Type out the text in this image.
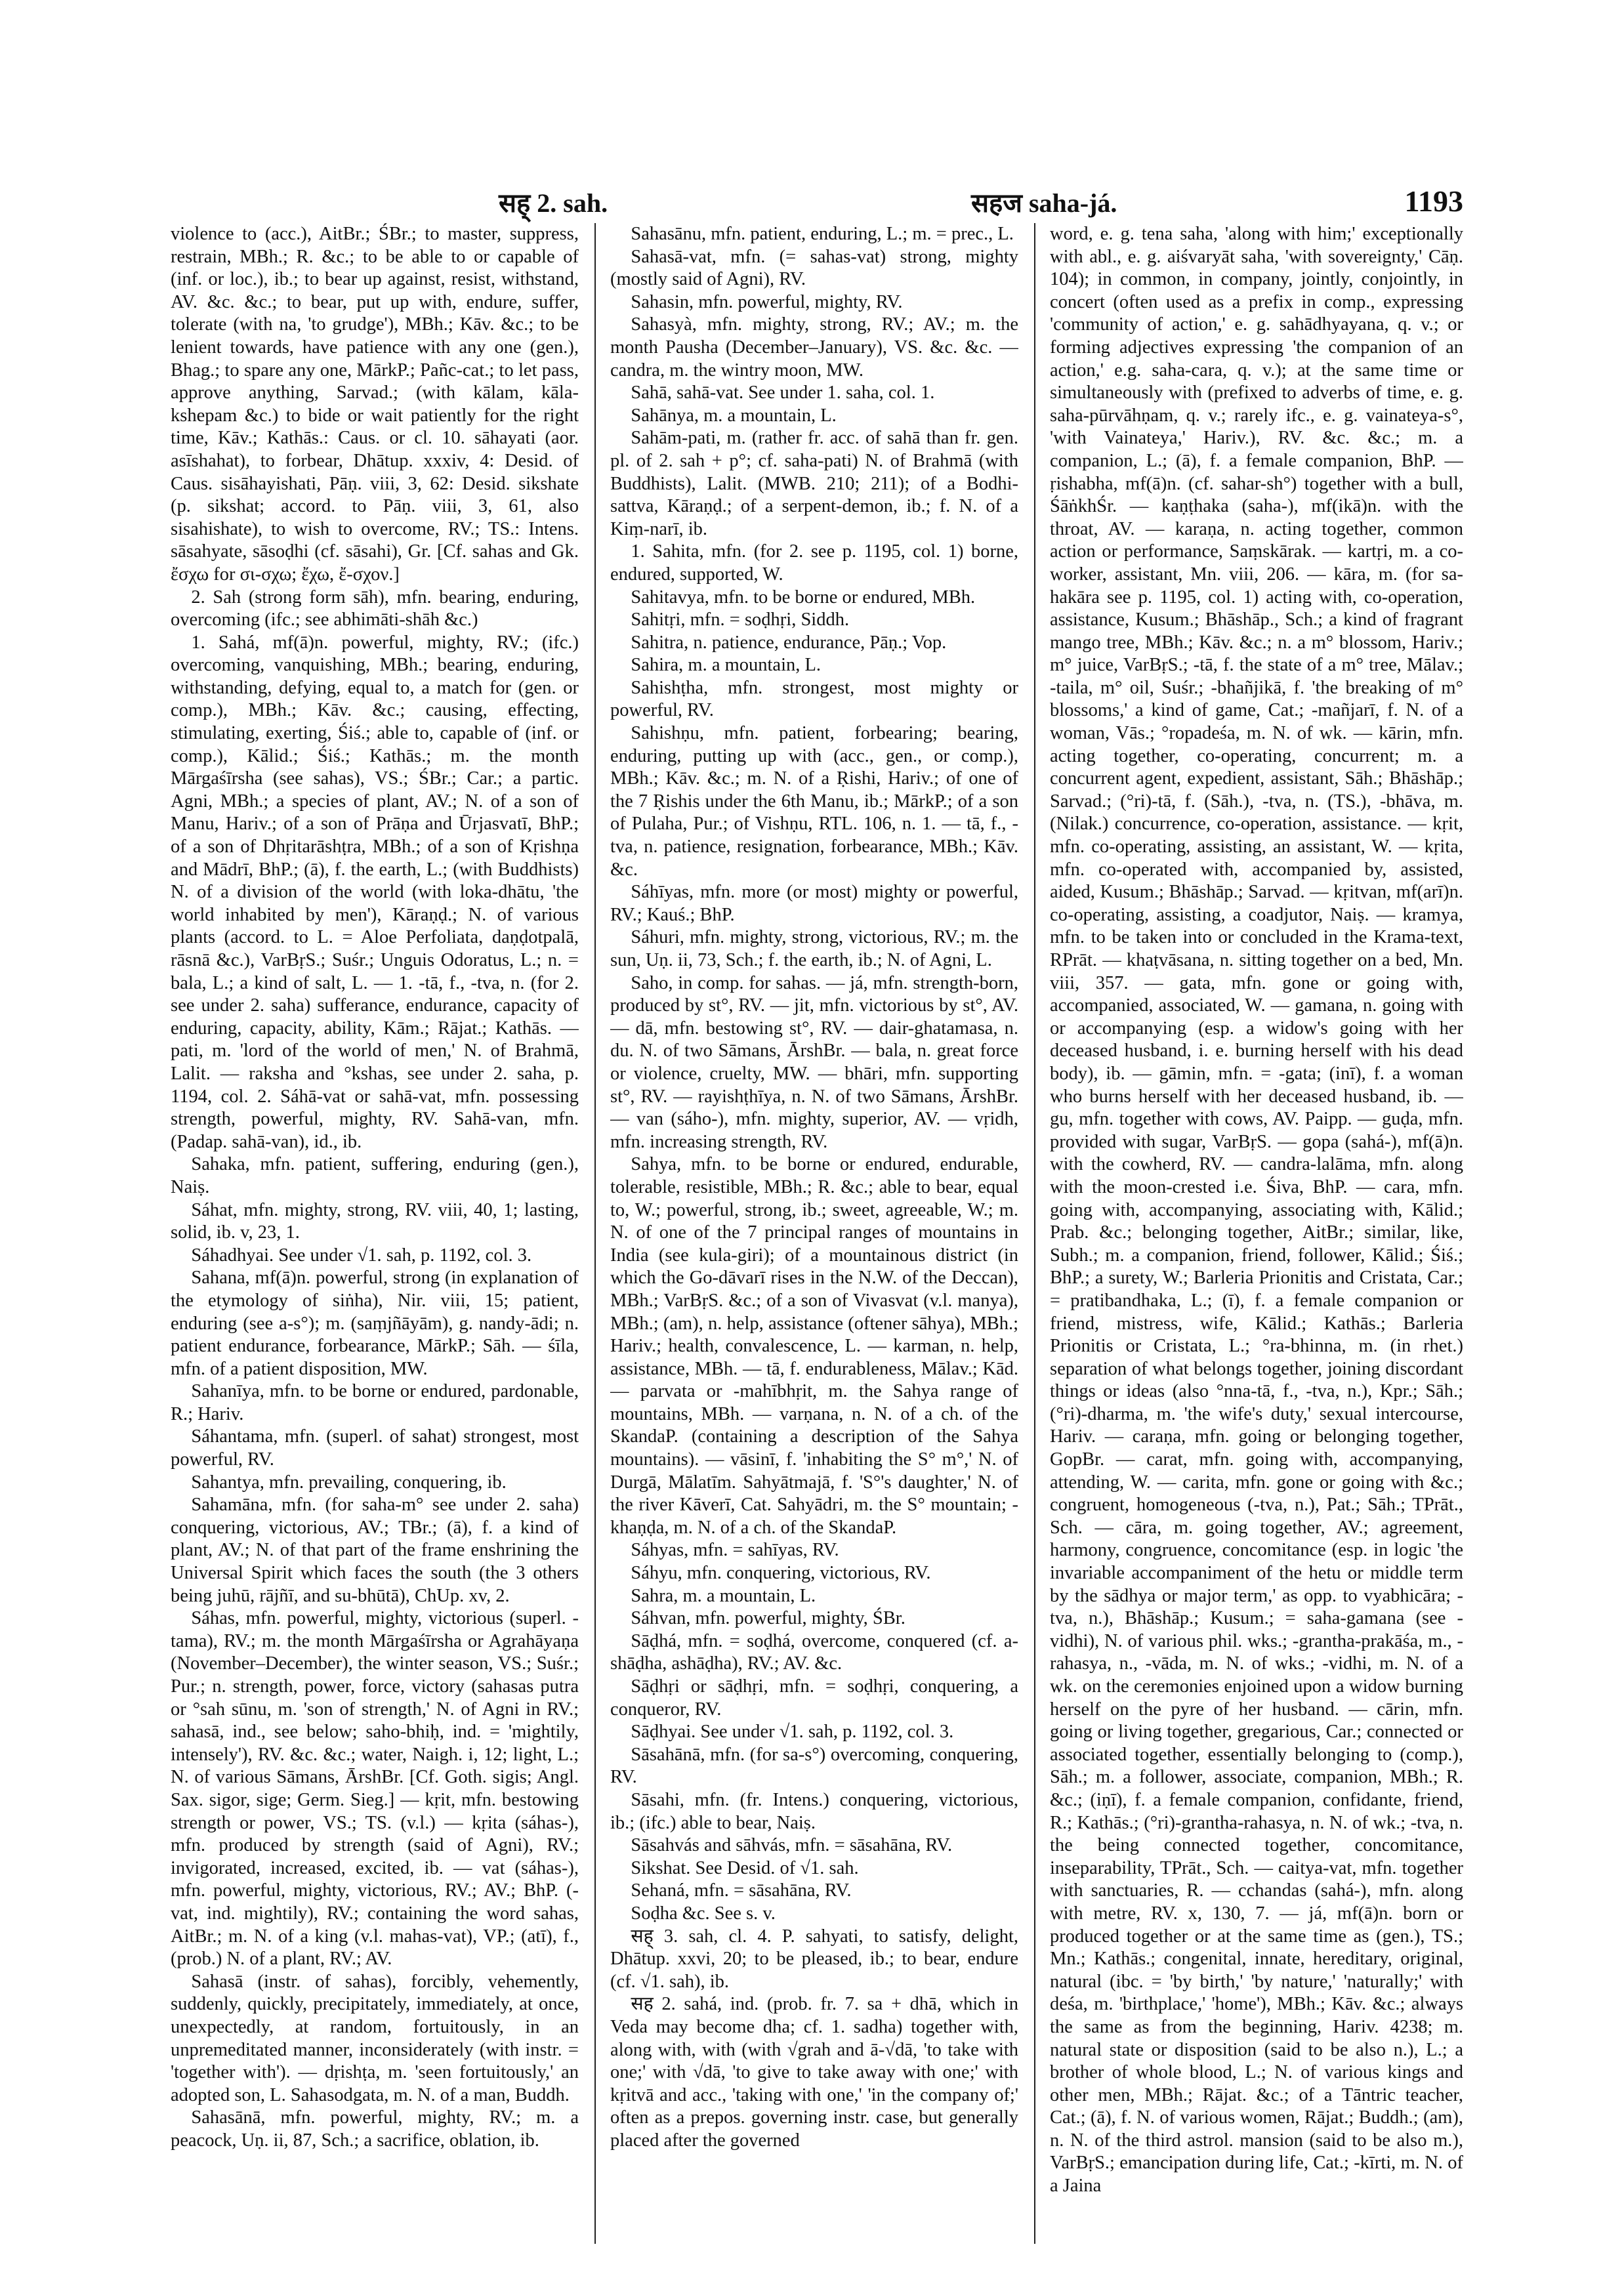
सह् 2. sah.	सहज saha-já.	1193

violence to (acc.), AitBr.; ŚBr.; to master, suppress, restrain, MBh.; R. &c.; to be able to or capable of (inf. or loc.), ib.; to bear up against, resist, withstand, AV. &c. &c.; to bear, put up with, endure, suffer, tolerate (with na, 'to grudge'), MBh.; Kāv. &c.; to be lenient towards, have patience with any one (gen.), Bhag.; to spare any one, MārkP.; Pañc-cat.; to let pass, approve anything, Sarvad.; (with kālam, kāla-kshepam &c.) to bide or wait patiently for the right time, Kāv.; Kathās.: Caus. or cl. 10. sāhayati (aor. asīshahat), to forbear, Dhātup. xxxiv, 4: Desid. of Caus. sisāhayishati, Pāṇ. viii, 3, 62: Desid. sikshate (p. sikshat; accord. to Pāṇ. viii, 3, 61, also sisahishate), to wish to overcome, RV.; TS.: Intens. sāsahyate, sāsoḍhi (cf. sāsahi), Gr. [Cf. sahas and Gk. ἔσχω for σι-σχω; ἔχω, ἔ-σχον.]

2. Sah (strong form sāh), mfn. bearing, enduring, overcoming (ifc.; see abhimāti-shāh &c.)

1. Sahá, mf(ā)n. powerful, mighty, RV.; (ifc.) overcoming, vanquishing, MBh.; bearing, enduring, withstanding, defying, equal to, a match for (gen. or comp.), MBh.; Kāv. &c.; causing, effecting, stimulating, exerting, Śiś.; able to, capable of (inf. or comp.), Kālid.; Śiś.; Kathās.; m. the month Mārgaśīrsha (see sahas), VS.; ŚBr.; Car.; a partic. Agni, MBh.; a species of plant, AV.; N. of a son of Manu, Hariv.; of a son of Prāṇa and Ūrjasvatī, BhP.; of a son of Dhṛitarāshṭra, MBh.; of a son of Kṛishṇa and Mādrī, BhP.; (ā), f. the earth, L.; (with Buddhists) N. of a division of the world (with loka-dhātu, 'the world inhabited by men'), Kāraṇḍ.; N. of various plants (accord. to L. = Aloe Perfoliata, daṇḍotpalā, rāsnā &c.), VarBṛS.; Suśr.; Unguis Odoratus, L.; n. = bala, L.; a kind of salt, L. — 1. -tā, f., -tva, n. (for 2. see under 2. saha) sufferance, endurance, capacity of enduring, capacity, ability, Kām.; Rājat.; Kathās. — pati, m. 'lord of the world of men,' N. of Brahmā, Lalit. — raksha and °kshas, see under 2. saha, p. 1194, col. 2. Sáhā-vat or sahā-vat, mfn. possessing strength, powerful, mighty, RV. Sahā-van, mfn. (Padap. sahā-van), id., ib.

Sahaka, mfn. patient, suffering, enduring (gen.), Naiṣ.

Sáhat, mfn. mighty, strong, RV. viii, 40, 1; lasting, solid, ib. v, 23, 1.

Sáhadhyai. See under √1. sah, p. 1192, col. 3.

Sahana, mf(ā)n. powerful, strong (in explanation of the etymology of siṅha), Nir. viii, 15; patient, enduring (see a-s°); m. (saṃjñāyām), g. nandy-ādi; n. patient endurance, forbearance, MārkP.; Sāh. — śīla, mfn. of a patient disposition, MW.

Sahanīya, mfn. to be borne or endured, pardonable, R.; Hariv.

Sáhantama, mfn. (superl. of sahat) strongest, most powerful, RV.

Sahantya, mfn. prevailing, conquering, ib.

Sahamāna, mfn. (for saha-m° see under 2. saha) conquering, victorious, AV.; TBr.; (ā), f. a kind of plant, AV.; N. of that part of the frame enshrining the Universal Spirit which faces the south (the 3 others being juhū, rājñī, and su-bhūtā), ChUp. xv, 2.

Sáhas, mfn. powerful, mighty, victorious (superl. -tama), RV.; m. the month Mārgaśīrsha or Agrahāyaṇa (November–December), the winter season, VS.; Suśr.; Pur.; n. strength, power, force, victory (sahasas putra or °sah sūnu, m. 'son of strength,' N. of Agni in RV.; sahasā, ind., see below; saho-bhiḥ, ind. = 'mightily, intensely'), RV. &c. &c.; water, Naigh. i, 12; light, L.; N. of various Sāmans, ĀrshBr. [Cf. Goth. sigis; Angl. Sax. sigor, sige; Germ. Sieg.] — kṛit, mfn. bestowing strength or power, VS.; TS. (v.l.) — kṛita (sáhas-), mfn. produced by strength (said of Agni), RV.; invigorated, increased, excited, ib. — vat (sáhas-), mfn. powerful, mighty, victorious, RV.; AV.; BhP. (-vat, ind. mightily), RV.; containing the word sahas, AitBr.; m. N. of a king (v.l. mahas-vat), VP.; (atī), f., (prob.) N. of a plant, RV.; AV.

Sahasā (instr. of sahas), forcibly, vehemently, suddenly, quickly, precipitately, immediately, at once, unexpectedly, at random, fortuitously, in an unpremeditated manner, inconsiderately (with instr. = 'together with'). — dṛishṭa, m. 'seen fortuitously,' an adopted son, L. Sahasodgata, m. N. of a man, Buddh.

Sahasānā, mfn. powerful, mighty, RV.; m. a peacock, Uṇ. ii, 87, Sch.; a sacrifice, oblation, ib.

Sahasānu, mfn. patient, enduring, L.; m. = prec., L.

Sahasā-vat, mfn. (= sahas-vat) strong, mighty (mostly said of Agni), RV.

Sahasin, mfn. powerful, mighty, RV.

Sahasyà, mfn. mighty, strong, RV.; AV.; m. the month Pausha (December–January), VS. &c. &c. — candra, m. the wintry moon, MW.

Sahā, sahā-vat. See under 1. saha, col. 1.

Sahānya, m. a mountain, L.

Sahām-pati, m. (rather fr. acc. of sahā than fr. gen. pl. of 2. sah + p°; cf. saha-pati) N. of Brahmā (with Buddhists), Lalit. (MWB. 210; 211); of a Bodhi-sattva, Kāraṇḍ.; of a serpent-demon, ib.; f. N. of a Kiṃ-narī, ib.

1. Sahita, mfn. (for 2. see p. 1195, col. 1) borne, endured, supported, W.

Sahitavya, mfn. to be borne or endured, MBh.

Sahitṛi, mfn. = soḍhṛi, Siddh.

Sahitra, n. patience, endurance, Pāṇ.; Vop.

Sahira, m. a mountain, L.

Sahishṭha, mfn. strongest, most mighty or powerful, RV.

Sahishṇu, mfn. patient, forbearing; bearing, enduring, putting up with (acc., gen., or comp.), MBh.; Kāv. &c.; m. N. of a Ṛishi, Hariv.; of one of the 7 Ṛishis under the 6th Manu, ib.; MārkP.; of a son of Pulaha, Pur.; of Vishṇu, RTL. 106, n. 1. — tā, f., -tva, n. patience, resignation, forbearance, MBh.; Kāv. &c.

Sáhīyas, mfn. more (or most) mighty or powerful, RV.; Kauś.; BhP.

Sáhuri, mfn. mighty, strong, victorious, RV.; m. the sun, Uṇ. ii, 73, Sch.; f. the earth, ib.; N. of Agni, L.

Saho, in comp. for sahas. — já, mfn. strength-born, produced by st°, RV. — jit, mfn. victorious by st°, AV. — dā, mfn. bestowing st°, RV. — dair-ghatamasa, n. du. N. of two Sāmans, ĀrshBr. — bala, n. great force or violence, cruelty, MW. — bhāri, mfn. supporting st°, RV. — rayishṭhīya, n. N. of two Sāmans, ĀrshBr. — van (sáho-), mfn. mighty, superior, AV. — vṛidh, mfn. increasing strength, RV.

Sahya, mfn. to be borne or endured, endurable, tolerable, resistible, MBh.; R. &c.; able to bear, equal to, W.; powerful, strong, ib.; sweet, agreeable, W.; m. N. of one of the 7 principal ranges of mountains in India (see kula-giri); of a mountainous district (in which the Go-dāvarī rises in the N.W. of the Deccan), MBh.; VarBṛS. &c.; of a son of Vivasvat (v.l. manya), MBh.; (am), n. help, assistance (oftener sāhya), MBh.; Hariv.; health, convalescence, L. — karman, n. help, assistance, MBh. — tā, f. endurableness, Mālav.; Kād. — parvata or -mahībhṛit, m. the Sahya range of mountains, MBh. — varṇana, n. N. of a ch. of the SkandaP. (containing a description of the Sahya mountains). — vāsinī, f. 'inhabiting the S° m°,' N. of Durgā, Mālatīm. Sahyātmajā, f. 'S°'s daughter,' N. of the river Kāverī, Cat. Sahyādri, m. the S° mountain; -khaṇḍa, m. N. of a ch. of the SkandaP.

Sáhyas, mfn. = sahīyas, RV.

Sáhyu, mfn. conquering, victorious, RV.

Sahra, m. a mountain, L.

Sáhvan, mfn. powerful, mighty, ŚBr.

Sāḍhá, mfn. = soḍhá, overcome, conquered (cf. a-shāḍha, ashāḍha), RV.; AV. &c.

Sāḍhṛi or sāḍhṛi, mfn. = soḍhṛi, conquering, a conqueror, RV.

Sāḍhyai. See under √1. sah, p. 1192, col. 3.

Sāsahānā, mfn. (for sa-s°) overcoming, conquering, RV.

Sāsahi, mfn. (fr. Intens.) conquering, victorious, ib.; (ifc.) able to bear, Naiṣ.

Sāsahvás and sāhvás, mfn. = sāsahāna, RV.

Sikshat. See Desid. of √1. sah.

Sehaná, mfn. = sāsahāna, RV.

Soḍha &c. See s. v.

सह् 3. sah, cl. 4. P. sahyati, to satisfy, delight, Dhātup. xxvi, 20; to be pleased, ib.; to bear, endure (cf. √1. sah), ib.

सह 2. sahá, ind. (prob. fr. 7. sa + dhā, which in Veda may become dha; cf. 1. sadha) together with, along with, with (with √grah and ā-√dā, 'to take with one;' with √dā, 'to give to take away with one;' with kṛitvā and acc., 'taking with one,' 'in the company of;' often as a prepos. governing instr. case, but generally placed after the governed

word, e. g. tena saha, 'along with him;' exceptionally with abl., e. g. aiśvaryāt saha, 'with sovereignty,' Cāṇ. 104); in common, in company, jointly, conjointly, in concert (often used as a prefix in comp., expressing 'community of action,' e. g. sahādhyayana, q. v.; or forming adjectives expressing 'the companion of an action,' e.g. saha-cara, q. v.); at the same time or simultaneously with (prefixed to adverbs of time, e. g. saha-pūrvāhṇam, q. v.; rarely ifc., e. g. vainateya-s°, 'with Vainateya,' Hariv.), RV. &c. &c.; m. a companion, L.; (ā), f. a female companion, BhP. — ṛishabha, mf(ā)n. (cf. sahar-sh°) together with a bull, ŚāṅkhŚr. — kaṇṭhaka (saha-), mf(ikā)n. with the throat, AV. — karaṇa, n. acting together, common action or performance, Saṃskārak. — kartṛi, m. a co-worker, assistant, Mn. viii, 206. — kāra, m. (for sa-hakāra see p. 1195, col. 1) acting with, co-operation, assistance, Kusum.; Bhāshāp., Sch.; a kind of fragrant mango tree, MBh.; Kāv. &c.; n. a m° blossom, Hariv.; m° juice, VarBṛS.; -tā, f. the state of a m° tree, Mālav.; -taila, m° oil, Suśr.; -bhañjikā, f. 'the breaking of m° blossoms,' a kind of game, Cat.; -mañjarī, f. N. of a woman, Vās.; °ropadeśa, m. N. of wk. — kārin, mfn. acting together, co-operating, concurrent; m. a concurrent agent, expedient, assistant, Sāh.; Bhāshāp.; Sarvad.; (°ri)-tā, f. (Sāh.), -tva, n. (TS.), -bhāva, m. (Nilak.) concurrence, co-operation, assistance. — kṛit, mfn. co-operating, assisting, an assistant, W. — kṛita, mfn. co-operated with, accompanied by, assisted, aided, Kusum.; Bhāshāp.; Sarvad. — kṛitvan, mf(arī)n. co-operating, assisting, a coadjutor, Naiṣ. — kramya, mfn. to be taken into or concluded in the Krama-text, RPrāt. — khaṭvāsana, n. sitting together on a bed, Mn. viii, 357. — gata, mfn. gone or going with, accompanied, associated, W. — gamana, n. going with or accompanying (esp. a widow's going with her deceased husband, i. e. burning herself with his dead body), ib. — gāmin, mfn. = -gata; (inī), f. a woman who burns herself with her deceased husband, ib. — gu, mfn. together with cows, AV. Paipp. — guḍa, mfn. provided with sugar, VarBṛS. — gopa (sahá-), mf(ā)n. with the cowherd, RV. — candra-lalāma, mfn. along with the moon-crested i.e. Śiva, BhP. — cara, mfn. going with, accompanying, associating with, Kālid.; Prab. &c.; belonging together, AitBr.; similar, like, Subh.; m. a companion, friend, follower, Kālid.; Śiś.; BhP.; a surety, W.; Barleria Prionitis and Cristata, Car.; = pratibandhaka, L.; (ī), f. a female companion or friend, mistress, wife, Kālid.; Kathās.; Barleria Prionitis or Cristata, L.; °ra-bhinna, m. (in rhet.) separation of what belongs together, joining discordant things or ideas (also °nna-tā, f., -tva, n.), Kpr.; Sāh.; (°ri)-dharma, m. 'the wife's duty,' sexual intercourse, Hariv. — caraṇa, mfn. going or belonging together, GopBr. — carat, mfn. going with, accompanying, attending, W. — carita, mfn. gone or going with &c.; congruent, homogeneous (-tva, n.), Pat.; Sāh.; TPrāt., Sch. — cāra, m. going together, AV.; agreement, harmony, congruence, concomitance (esp. in logic 'the invariable accompaniment of the hetu or middle term by the sādhya or major term,' as opp. to vyabhicāra; -tva, n.), Bhāshāp.; Kusum.; = saha-gamana (see -vidhi), N. of various phil. wks.; -grantha-prakāśa, m., -rahasya, n., -vāda, m. N. of wks.; -vidhi, m. N. of a wk. on the ceremonies enjoined upon a widow burning herself on the pyre of her husband. — cārin, mfn. going or living together, gregarious, Car.; connected or associated together, essentially belonging to (comp.), Sāh.; m. a follower, associate, companion, MBh.; R. &c.; (iṇī), f. a female companion, confidante, friend, R.; Kathās.; (°ri)-grantha-rahasya, n. N. of wk.; -tva, n. the being connected together, concomitance, inseparability, TPrāt., Sch. — caitya-vat, mfn. together with sanctuaries, R. — cchandas (sahá-), mfn. along with metre, RV. x, 130, 7. — já, mf(ā)n. born or produced together or at the same time as (gen.), TS.; Mn.; Kathās.; congenital, innate, hereditary, original, natural (ibc. = 'by birth,' 'by nature,' 'naturally;' with deśa, m. 'birthplace,' 'home'), MBh.; Kāv. &c.; always the same as from the beginning, Hariv. 4238; m. natural state or disposition (said to be also n.), L.; a brother of whole blood, L.; N. of various kings and other men, MBh.; Rājat. &c.; of a Tāntric teacher, Cat.; (ā), f. N. of various women, Rājat.; Buddh.; (am), n. N. of the third astrol. mansion (said to be also m.), VarBṛS.; emancipation during life, Cat.; -kīrti, m. N. of a Jaina
